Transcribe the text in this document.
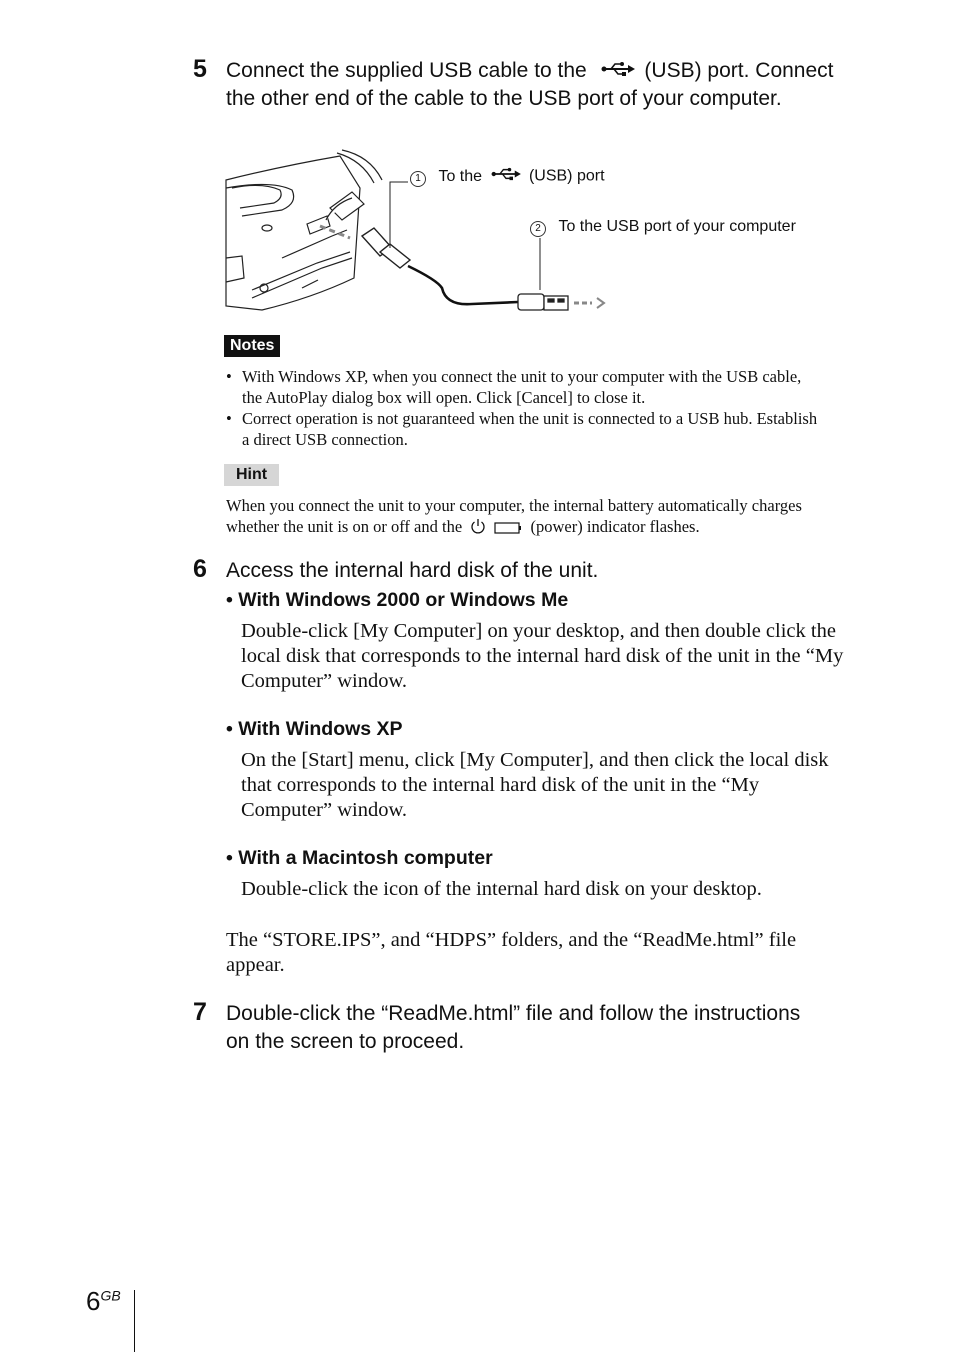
5 Connect the supplied USB cable to the	(USB) port. Connect
the other end of the cable to the USB port of your computer.
1 To the	(USB) port
2 To the USB port of your computer
Notes
• With Windows XP, when you connect the unit to your computer with the USB cable,
the AutoPlay dialog box will open. Click [Cancel] to close it.
• Correct operation is not guaranteed when the unit is connected to a USB hub. Establish
a direct USB connection.
Hint
When you connect the unit to your computer, the internal battery automatically charges
whether the unit is on or off and the	(power) indicator flashes.
6 Access the internal hard disk of the unit.
• With Windows 2000 or Windows Me
Double-click [My Computer] on your desktop, and then double click the
local disk that corresponds to the internal hard disk of the unit in the “My
Computer” window.
• With Windows XP
On the [Start] menu, click [My Computer], and then click the local disk
that corresponds to the internal hard disk of the unit in the “My
Computer” window.
• With a Macintosh computer
Double-click the icon of the internal hard disk on your desktop.
The “STORE.IPS”, and “HDPS” folders, and the “ReadMe.html” file
appear.
7 Double-click the “ReadMe.html” file and follow the instructions
on the screen to proceed.
$6^{GB}$
